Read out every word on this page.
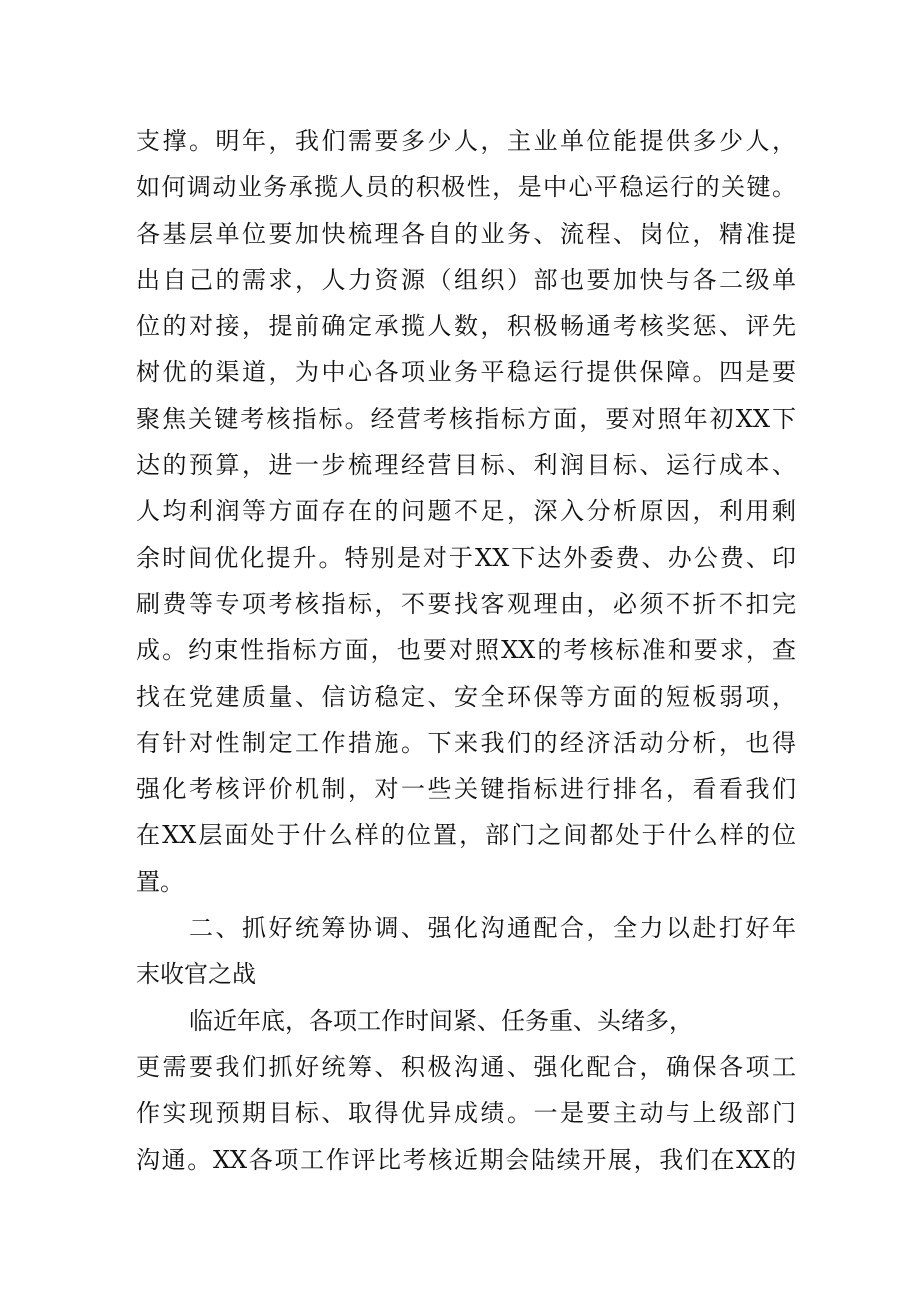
支撑。明年，我们需要多少人，主业单位能提供多少人，
如何调动业务承揽人员的积极性，是中心平稳运行的关键。
各基层单位要加快梳理各自的业务、流程、岗位，精准提
出自己的需求，人力资源（组织）部也要加快与各二级单
位的对接，提前确定承揽人数，积极畅通考核奖惩、评先
树优的渠道，为中心各项业务平稳运行提供保障。四是要
聚焦关键考核指标。经营考核指标方面，要对照年初XX下
达的预算，进一步梳理经营目标、利润目标、运行成本、
人均利润等方面存在的问题不足，深入分析原因，利用剩
余时间优化提升。特别是对于XX下达外委费、办公费、印
刷费等专项考核指标，不要找客观理由，必须不折不扣完
成。约束性指标方面，也要对照XX的考核标准和要求，查
找在党建质量、信访稳定、安全环保等方面的短板弱项，
有针对性制定工作措施。下来我们的经济活动分析，也得
强化考核评价机制，对一些关键指标进行排名，看看我们
在XX层面处于什么样的位置，部门之间都处于什么样的位
置。
二、抓好统筹协调、强化沟通配合，全力以赴打好年
末收官之战
临近年底，各项工作时间紧、任务重、头绪多，
更需要我们抓好统筹、积极沟通、强化配合，确保各项工
作实现预期目标、取得优异成绩。一是要主动与上级部门
沟通。XX各项工作评比考核近期会陆续开展，我们在XX的
